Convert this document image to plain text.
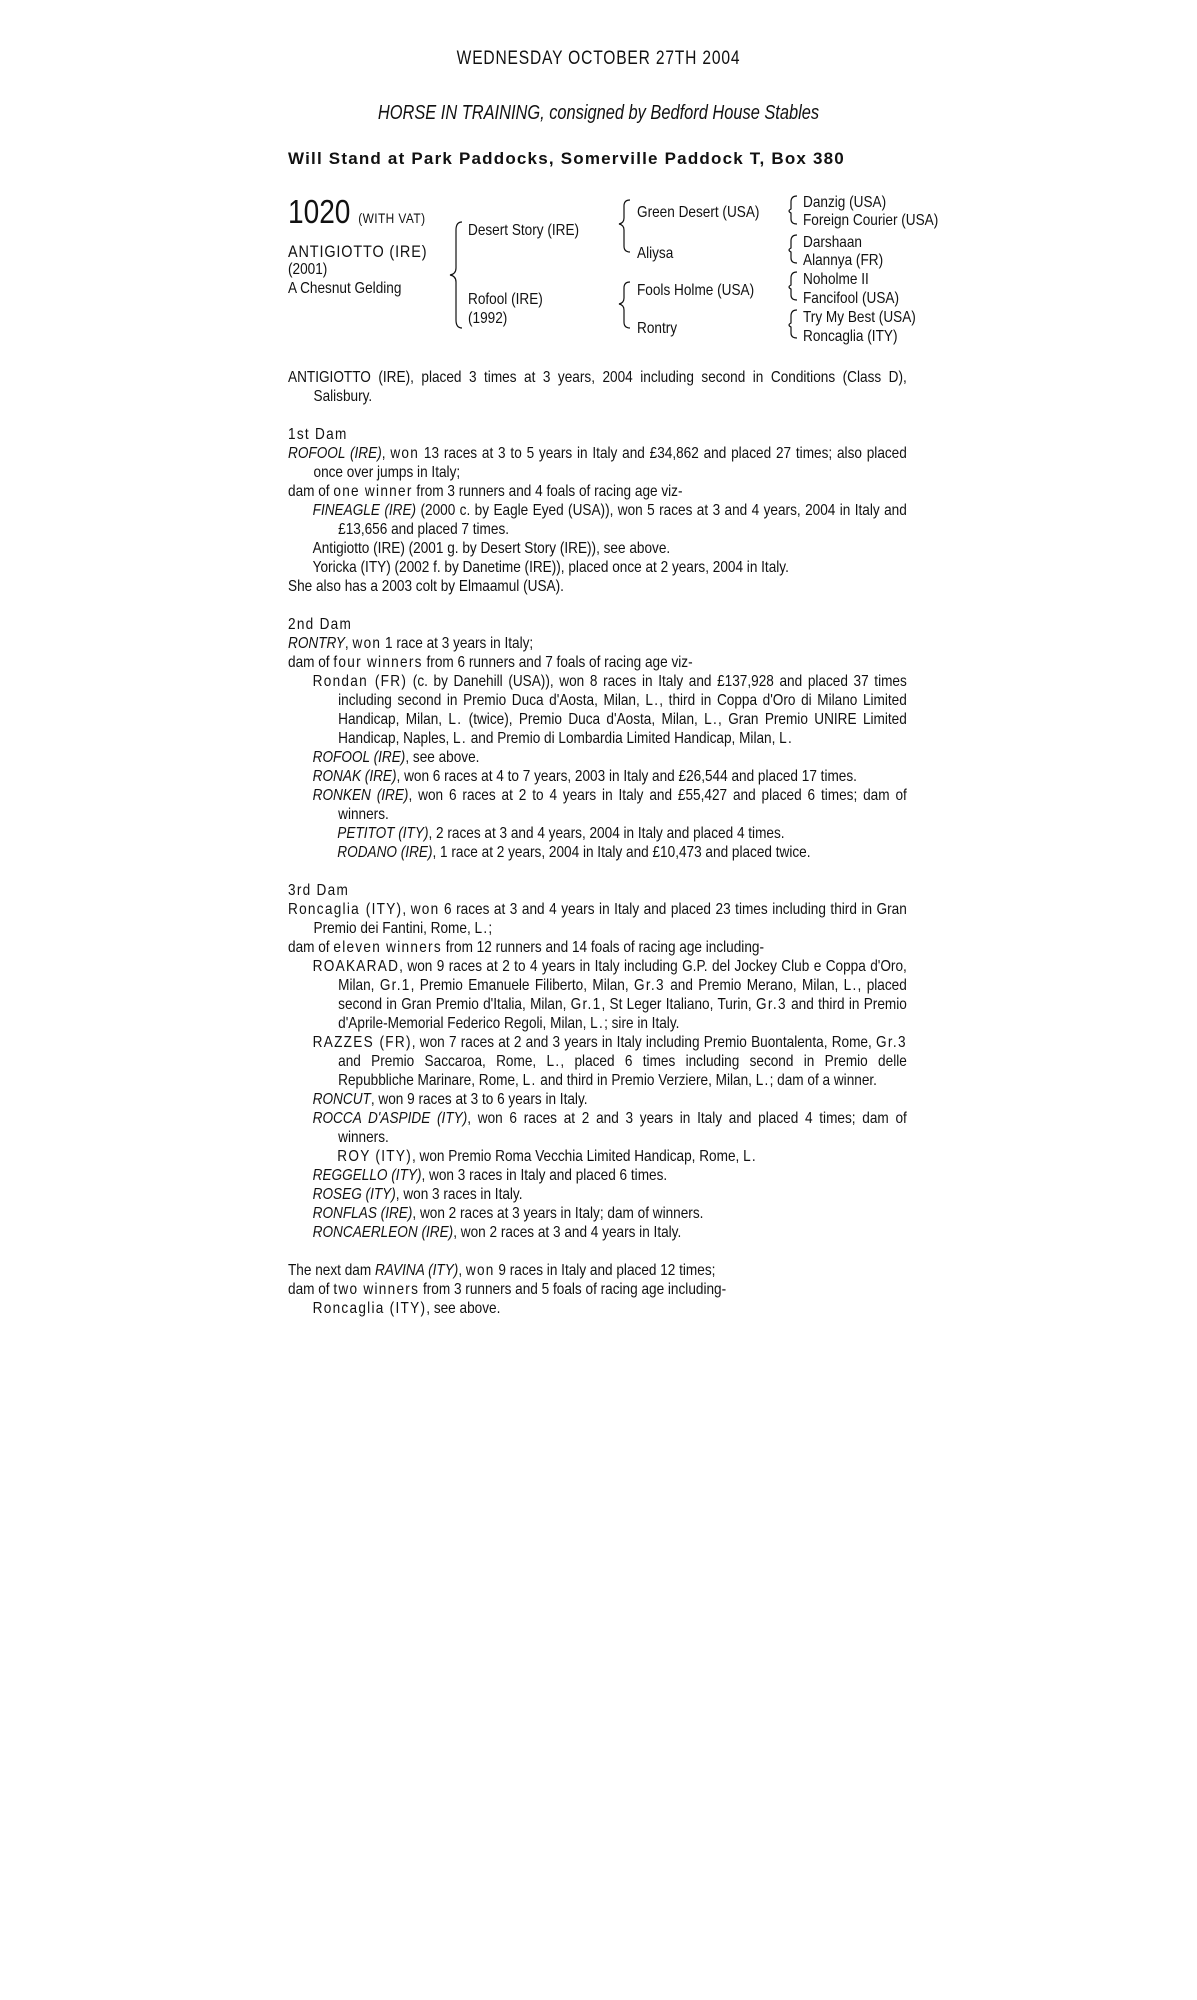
WEDNESDAY OCTOBER 27TH 2004
HORSE IN TRAINING, consigned by Bedford House Stables
Will Stand at Park Paddocks, Somerville Paddock T, Box 380
1020 (WITH VAT)
ANTIGIOTTO (IRE)
(2001)
A Chesnut Gelding
Desert Story (IRE)
Rofool (IRE)
(1992)
Green Desert (USA)
Aliysa
Fools Holme (USA)
Rontry
Danzig (USA)
Foreign Courier (USA)
Darshaan
Alannya (FR)
Noholme II
Fancifool (USA)
Try My Best (USA)
Roncaglia (ITY)

ANTIGIOTTO (IRE), placed 3 times at 3 years, 2004 including second in Conditions (Class D), Salisbury.

1st Dam

ROFOOL (IRE), won 13 races at 3 to 5 years in Italy and £34,862 and placed 27 times; also placed once over jumps in Italy;

dam of one winner from 3 runners and 4 foals of racing age viz-

FINEAGLE (IRE) (2000 c. by Eagle Eyed (USA)), won 5 races at 3 and 4 years, 2004 in Italy and £13,656 and placed 7 times.

Antigiotto (IRE) (2001 g. by Desert Story (IRE)), see above.

Yoricka (ITY) (2002 f. by Danetime (IRE)), placed once at 2 years, 2004 in Italy.

She also has a 2003 colt by Elmaamul (USA).

2nd Dam

RONTRY, won 1 race at 3 years in Italy;

dam of four winners from 6 runners and 7 foals of racing age viz-

Rondan (FR) (c. by Danehill (USA)), won 8 races in Italy and £137,928 and placed 37 times including second in Premio Duca d'Aosta, Milan, L., third in Coppa d'Oro di Milano Limited Handicap, Milan, L. (twice), Premio Duca d'Aosta, Milan, L., Gran Premio UNIRE Limited Handicap, Naples, L. and Premio di Lombardia Limited Handicap, Milan, L.

ROFOOL (IRE), see above.

RONAK (IRE), won 6 races at 4 to 7 years, 2003 in Italy and £26,544 and placed 17 times.

RONKEN (IRE), won 6 races at 2 to 4 years in Italy and £55,427 and placed 6 times; dam of winners.

PETITOT (ITY), 2 races at 3 and 4 years, 2004 in Italy and placed 4 times.

RODANO (IRE), 1 race at 2 years, 2004 in Italy and £10,473 and placed twice.

3rd Dam

Roncaglia (ITY), won 6 races at 3 and 4 years in Italy and placed 23 times including third in Gran Premio dei Fantini, Rome, L.;

dam of eleven winners from 12 runners and 14 foals of racing age including-

ROAKARAD, won 9 races at 2 to 4 years in Italy including G.P. del Jockey Club e Coppa d'Oro, Milan, Gr.1, Premio Emanuele Filiberto, Milan, Gr.3 and Premio Merano, Milan, L., placed second in Gran Premio d'Italia, Milan, Gr.1, St Leger Italiano, Turin, Gr.3 and third in Premio d'Aprile-Memorial Federico Regoli, Milan, L.; sire in Italy.

RAZZES (FR), won 7 races at 2 and 3 years in Italy including Premio Buontalenta, Rome, Gr.3 and Premio Saccaroa, Rome, L., placed 6 times including second in Premio delle Repubbliche Marinare, Rome, L. and third in Premio Verziere, Milan, L.; dam of a winner.

RONCUT, won 9 races at 3 to 6 years in Italy.

ROCCA D'ASPIDE (ITY), won 6 races at 2 and 3 years in Italy and placed 4 times; dam of winners.

ROY (ITY), won Premio Roma Vecchia Limited Handicap, Rome, L.

REGGELLO (ITY), won 3 races in Italy and placed 6 times.

ROSEG (ITY), won 3 races in Italy.

RONFLAS (IRE), won 2 races at 3 years in Italy; dam of winners.

RONCAERLEON (IRE), won 2 races at 3 and 4 years in Italy.

The next dam RAVINA (ITY), won 9 races in Italy and placed 12 times;

dam of two winners from 3 runners and 5 foals of racing age including-

Roncaglia (ITY), see above.
